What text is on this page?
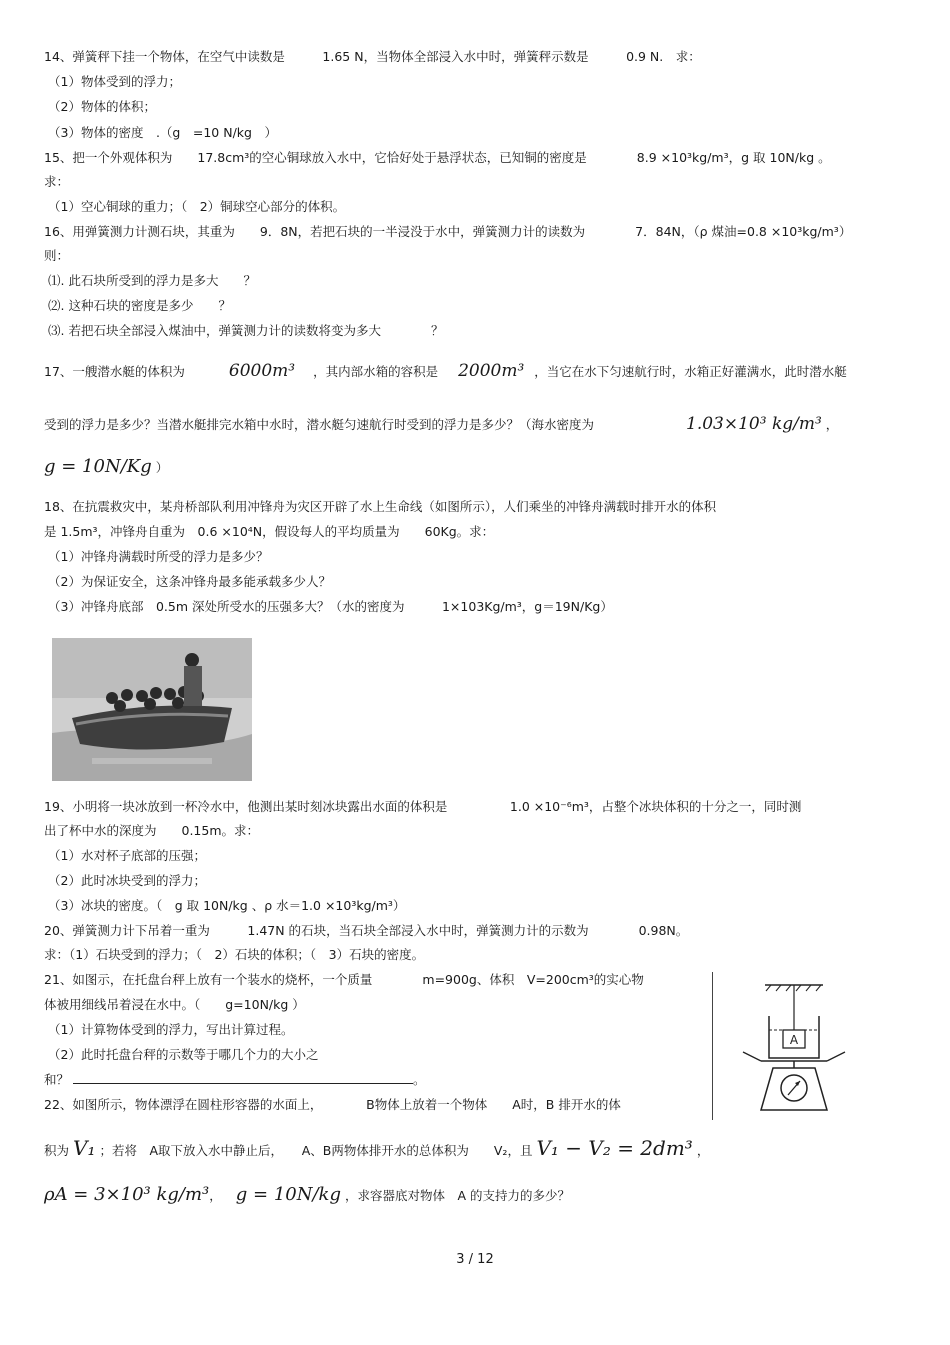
14、弹簧秤下挂一个物体，在空气中读数是　　　1.65 N，当物体全部浸入水中时，弹簧秤示数是　　　0.9 N.　求：
（1）物体受到的浮力；
（2）物体的体积；
（3）物体的密度　.（g　=10 N/kg　）
15、把一个外观体积为　　17.8cm³的空心铜球放入水中，它恰好处于悬浮状态，已知铜的密度是　　　　8.9 ×10³kg/m³，g 取 10N/kg 。
求：
（1）空心铜球的重力；（　2）铜球空心部分的体积。
16、用弹簧测力计测石块，其重为　　9．8N，若把石块的一半浸没于水中，弹簧测力计的读数为　　　　7．84N，（ρ 煤油=0.8 ×10³kg/m³）
则：
⑴. 此石块所受到的浮力是多大　　？
⑵. 这种石块的密度是多少　　？
⑶. 若把石块全部浸入煤油中，弹簧测力计的读数将变为多大　　　　？
17、一艘潜水艇的体积为	6000m³ ，其内部水箱的容积是 2000m³ ，当它在水下匀速航行时，水箱正好灌满水，此时潜水艇
受到的浮力是多少？当潜水艇排完水箱中水时，潜水艇匀速航行时受到的浮力是多少？（海水密度为	1.03×10³ kg/m³ ，
g = 10N/Kg ）
18、在抗震救灾中，某舟桥部队利用冲锋舟为灾区开辟了水上生命线（如图所示），人们乘坐的冲锋舟满载时排开水的体积
是 1.5m³，冲锋舟自重为　0.6 ×10⁴N，假设每人的平均质量为　　60Kg。求：
（1）冲锋舟满载时所受的浮力是多少？
（2）为保证安全，这条冲锋舟最多能承载多少人？
（3）冲锋舟底部　0.5m 深处所受水的压强多大？（水的密度为　　　1×103Kg/m³，g＝19N/Kg）
19、小明将一块冰放到一杯冷水中，他测出某时刻冰块露出水面的体积是　　　　　1.0 ×10⁻⁶m³，占整个冰块体积的十分之一，同时测
出了杯中水的深度为　　0.15m。求：
（1）水对杯子底部的压强；
（2）此时冰块受到的浮力；
（3）冰块的密度。（　g 取 10N/kg 、ρ 水＝1.0 ×10³kg/m³）
20、弹簧测力计下吊着一重为　　　1.47N 的石块，当石块全部浸入水中时，弹簧测力计的示数为　　　　0.98N。
求：（1）石块受到的浮力；（　2）石块的体积；（　3）石块的密度。
21、如图示，在托盘台秤上放有一个装水的烧杯，一个质量　　　　m=900g、体积　V=200cm³的实心物
体被用细线吊着浸在水中。（　　g=10N/kg ）
（1）计算物体受到的浮力，写出计算过程。
（2）此时托盘台秤的示数等于哪几个力的大小之
和？	。
A
22、如图所示，物体漂浮在圆柱形容器的水面上，　　　　B物体上放着一个物体　　A时，B 排开水的体
积为 V₁ ；若将　A取下放入水中静止后，　　A、B两物体排开水的总体积为　　V₂，且 V₁ − V₂ = 2dm³ ，
ρA = 3×10³ kg/m³， g = 10N/kg ，求容器底对物体　A 的支持力的多少？
3 / 12
